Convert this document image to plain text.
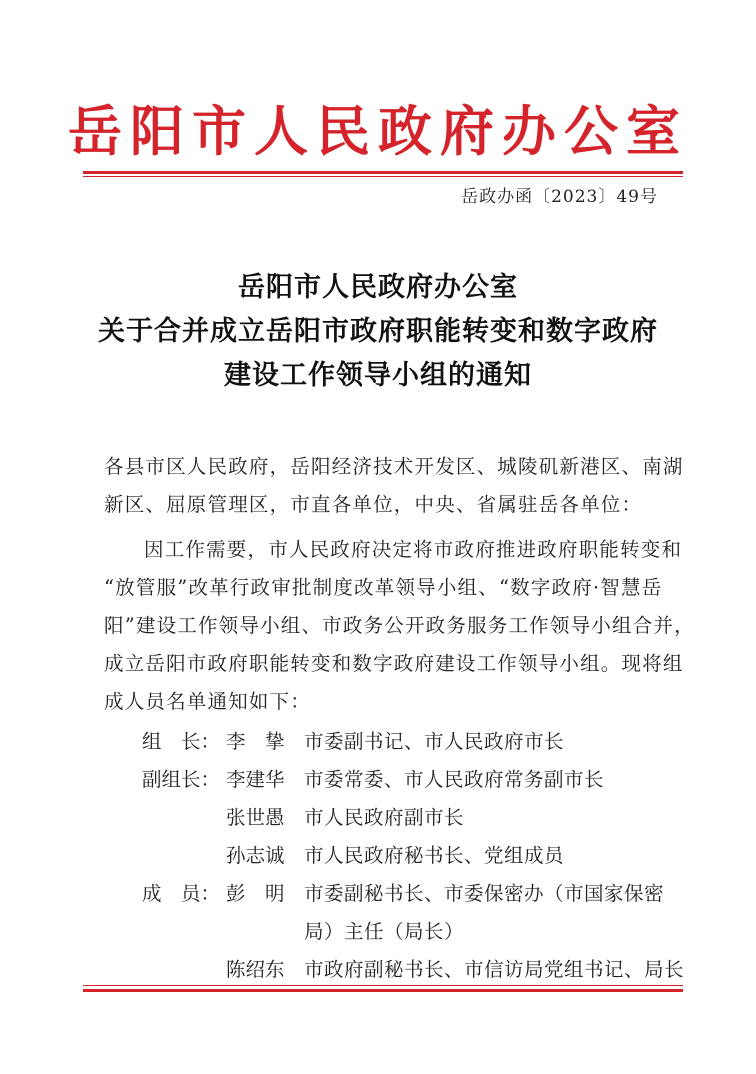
岳阳市人民政府办公室
岳政办函〔2023〕49号
岳阳市人民政府办公室
关于合并成立岳阳市政府职能转变和数字政府
建设工作领导小组的通知
各县市区人民政府，岳阳经济技术开发区、城陵矶新港区、南湖
新区、屈原管理区，市直各单位，中央、省属驻岳各单位：
因工作需要，市人民政府决定将市政府推进政府职能转变和
“放管服”改革行政审批制度改革领导小组、“数字政府·智慧岳
阳”建设工作领导小组、市政务公开政务服务工作领导小组合并，
成立岳阳市政府职能转变和数字政府建设工作领导小组。现将组
成人员名单通知如下：
组　长： 李　挚 市委副书记、市人民政府市长
副组长： 李建华 市委常委、市人民政府常务副市长
张世愚 市人民政府副市长
孙志诚 市人民政府秘书长、党组成员
成　员： 彭　明 市委副秘书长、市委保密办（市国家保密
局）主任（局长）
陈绍东 市政府副秘书长、市信访局党组书记、局长
